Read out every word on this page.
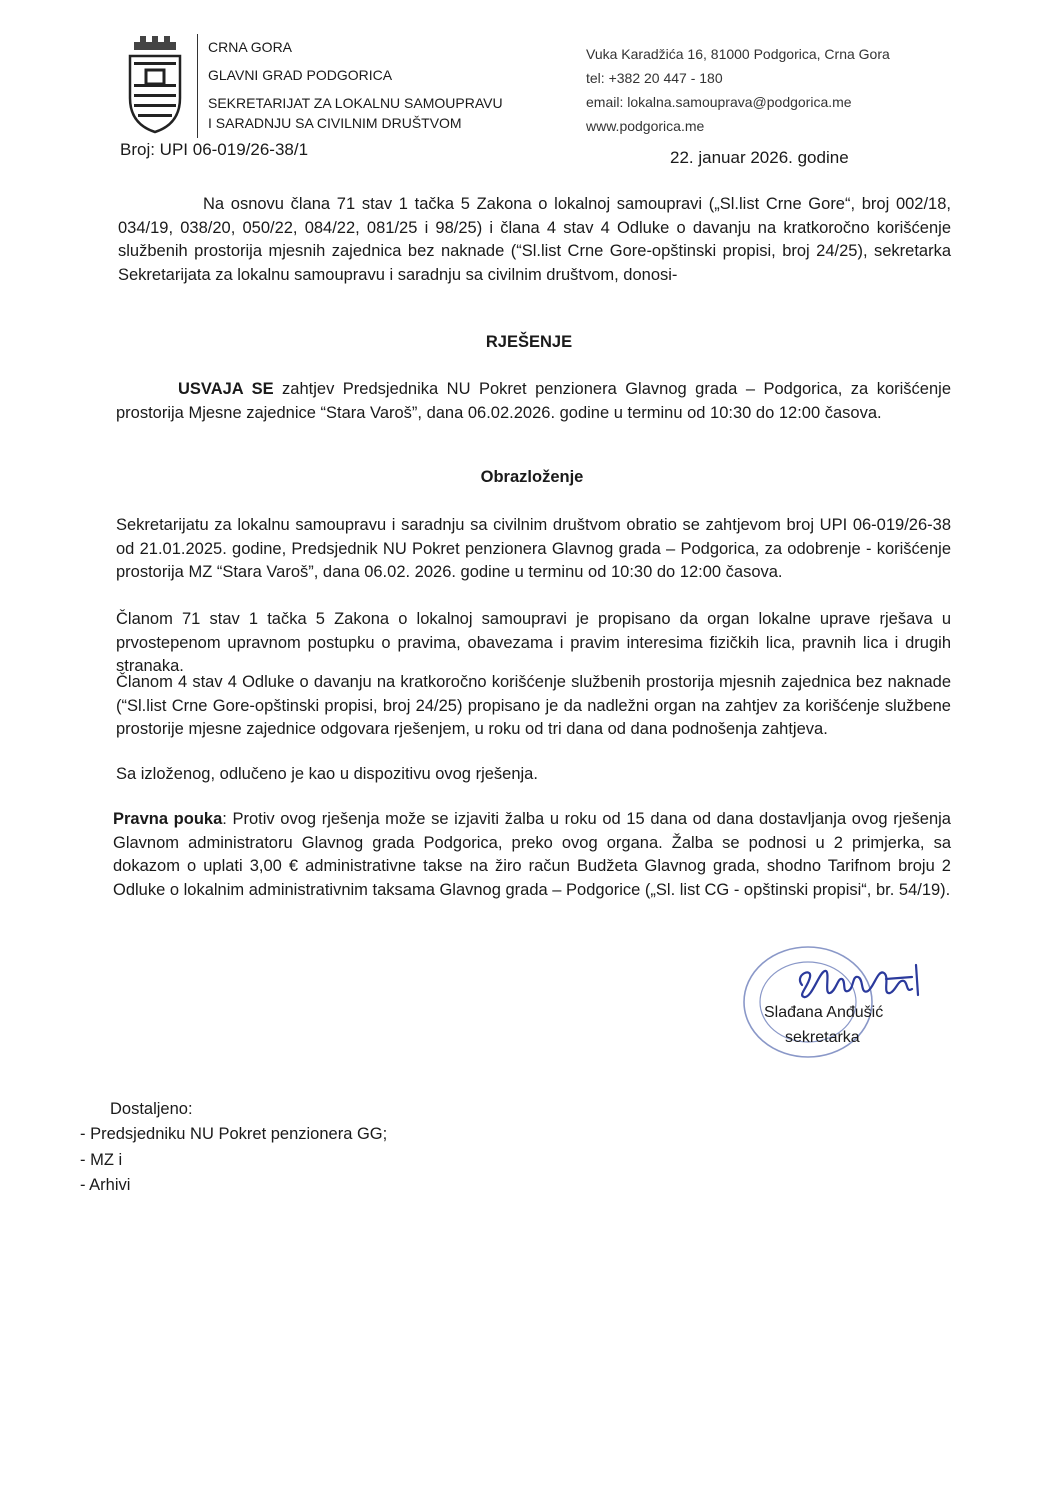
CRNA GORA
GLAVNI GRAD PODGORICA
SEKRETARIJAT ZA LOKALNU SAMOUPRAVU
I SARADNJU SA CIVILNIM DRUŠTVOM
Vuka Karadžića 16, 81000 Podgorica, Crna Gora
tel: +382 20 447 - 180
email: lokalna.samouprava@podgorica.me
www.podgorica.me
Broj: UPI 06-019/26-38/1	22. januar 2026. godine
Na osnovu člana 71 stav 1 tačka 5 Zakona o lokalnoj samoupravi („Sl.list Crne Gore“, broj 002/18, 034/19, 038/20, 050/22, 084/22, 081/25 i 98/25) i člana 4 stav 4 Odluke o davanju na kratkoročno korišćenje službenih prostorija mjesnih zajednica bez naknade (“Sl.list Crne Gore-opštinski propisi, broj 24/25), sekretarka Sekretarijata za lokalnu samoupravu i saradnju sa civilnim društvom, donosi-
RJEŠENJE
USVAJA SE zahtjev Predsjednika NU Pokret penzionera Glavnog grada – Podgorica, za korišćenje prostorija Mjesne zajednice “Stara Varoš”, dana 06.02.2026. godine u terminu od 10:30 do 12:00 časova.
Obrazloženje
Sekretarijatu za lokalnu samoupravu i saradnju sa civilnim društvom obratio se zahtjevom broj UPI 06-019/26-38 od 21.01.2025. godine, Predsjednik NU Pokret penzionera Glavnog grada – Podgorica, za odobrenje - korišćenje prostorija MZ “Stara Varoš”, dana 06.02. 2026. godine u terminu od 10:30 do 12:00 časova.
Članom 71 stav 1 tačka 5 Zakona o lokalnoj samoupravi je propisano da organ lokalne uprave rješava u prvostepenom upravnom postupku o pravima, obavezama i pravim interesima fizičkih lica, pravnih lica i drugih stranaka.
Članom 4 stav 4 Odluke o davanju na kratkoročno korišćenje službenih prostorija mjesnih zajednica bez naknade (“Sl.list Crne Gore-opštinski propisi, broj 24/25) propisano je da nadležni organ na zahtjev za korišćenje službene prostorije mjesne zajednice odgovara rješenjem, u roku od tri dana od dana podnošenja zahtjeva.
Sa izloženog, odlučeno je kao u dispozitivu ovog rješenja.
Pravna pouka: Protiv ovog rješenja može se izjaviti žalba u roku od 15 dana od dana dostavljanja ovog rješenja Glavnom administratoru Glavnog grada Podgorica, preko ovog organa. Žalba se podnosi u 2 primjerka, sa dokazom o uplati 3,00 € administrativne takse na žiro račun Budžeta Glavnog grada, shodno Tarifnom broju 2 Odluke o lokalnim administrativnim taksama Glavnog grada – Podgorice („Sl. list CG - opštinski propisi“, br. 54/19).
Slađana Anđušić
sekretarka
Dostaljeno:
- Predsjedniku NU Pokret penzionera GG;
- MZ i
- Arhivi
